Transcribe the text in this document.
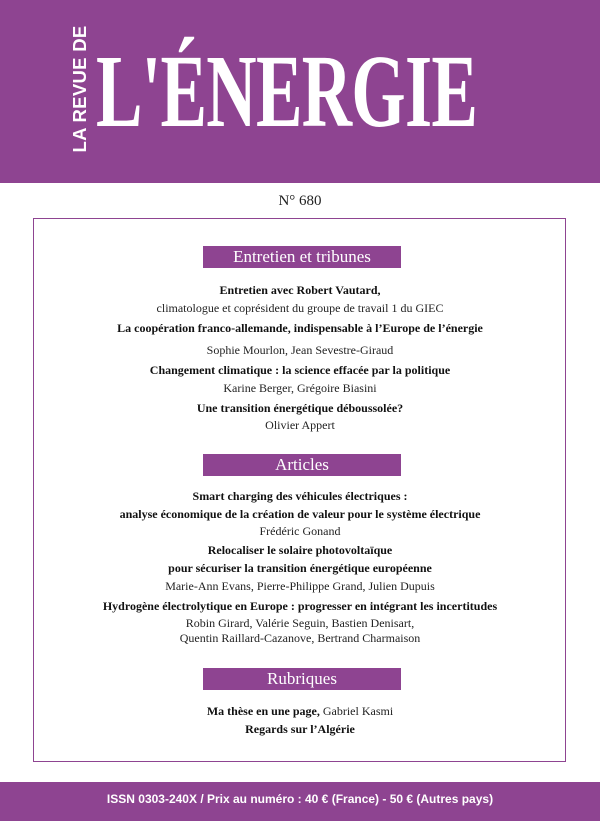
LA REVUE DE L'ÉNERGIE
N° 680
Entretien et tribunes
Entretien avec Robert Vautard,
climatologue et coprésident du groupe de travail 1 du GIEC
La coopération franco-allemande, indispensable à l’Europe de l’énergie
Sophie Mourlon, Jean Sevestre-Giraud
Changement climatique : la science effacée par la politique
Karine Berger, Grégoire Biasini
Une transition énergétique déboussolée?
Olivier Appert
Articles
Smart charging des véhicules électriques :
analyse économique de la création de valeur pour le système électrique
Frédéric Gonand
Relocaliser le solaire photovoltaïque
pour sécuriser la transition énergétique européenne
Marie-Ann Evans, Pierre-Philippe Grand, Julien Dupuis
Hydrogène électrolytique en Europe : progresser en intégrant les incertitudes
Robin Girard, Valérie Seguin, Bastien Denisart,
Quentin Raillard-Cazanove, Bertrand Charmaison
Rubriques
Ma thèse en une page, Gabriel Kasmi
Regards sur l’Algérie
ISSN 0303-240X / Prix au numéro : 40 € (France) - 50 € (Autres pays)
